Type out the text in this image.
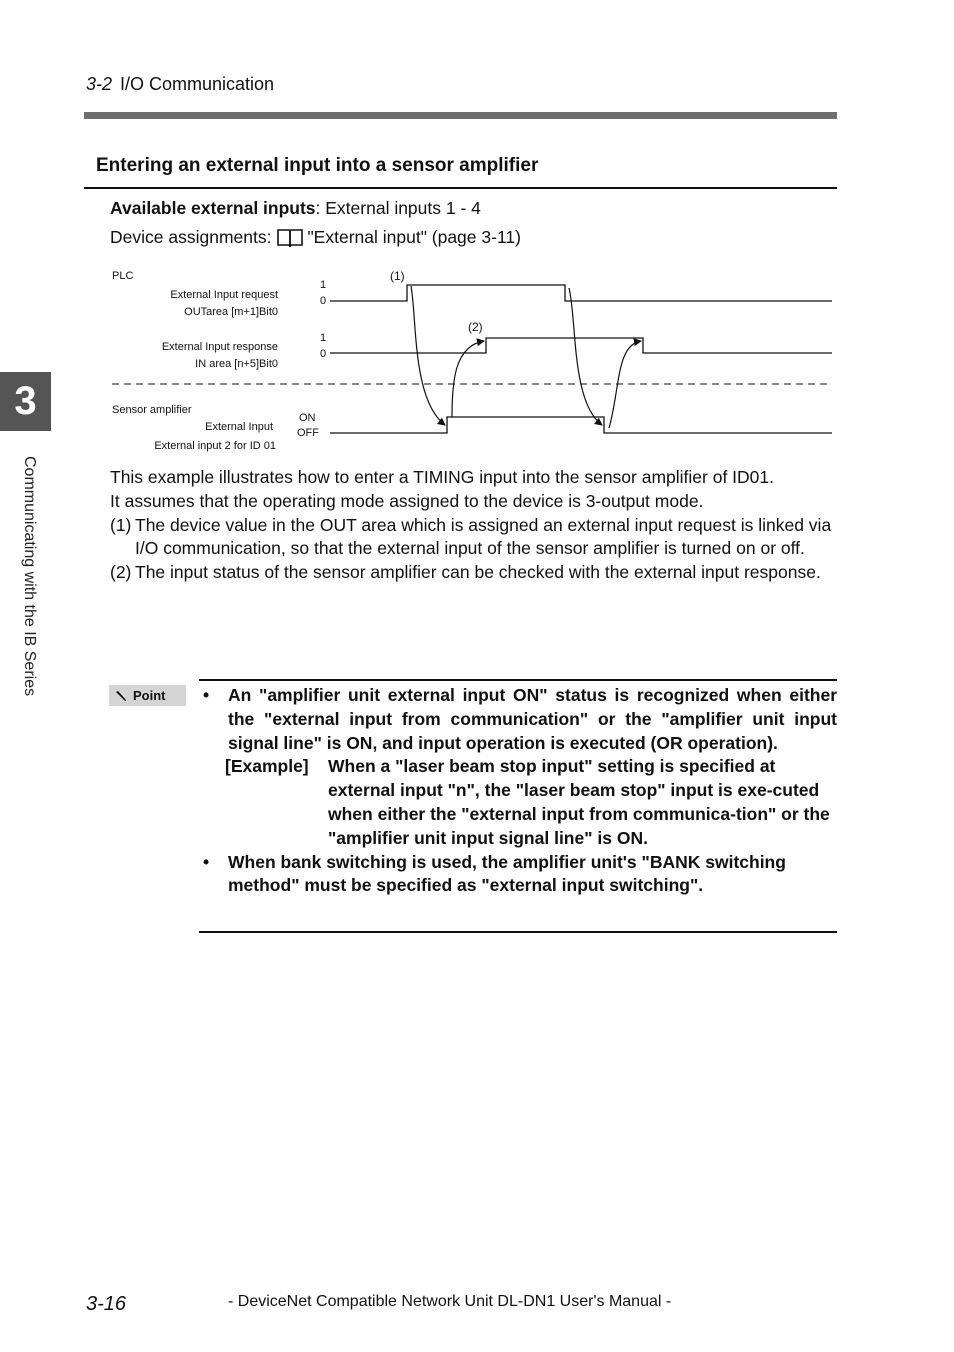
3-2 I/O Communication
Entering an external input into a sensor amplifier
Available external inputs: External inputs 1 - 4
Device assignments: "External input" (page 3-11)
PLC
External Input request
OUTarea [m+1]Bit0
1
0
External Input response
IN area [n+5]Bit0
1
0
Sensor amplifier
External Input
External input 2 for ID 01
ON
OFF
(1)
(2)

This example illustrates how to enter a TIMING input into the sensor amplifier of ID01.

It assumes that the operating mode assigned to the device is 3-output mode.

(1) The device value in the OUT area which is assigned an external input request is linked via I/O communication, so that the external input of the sensor amplifier is turned on or off.
(2) The input status of the sensor amplifier can be checked with the external input response.
3
Communicating with the IB Series	Point •	An "amplifier unit external input ON" status is recognized when either the "external input from communication" or the "amplifier unit input signal line" is ON, and input operation is executed (OR operation).
[Example]	When a "laser beam stop input" setting is specified at external input "n", the "laser beam stop" input is exe-cuted when either the "external input from communica-tion" or the "amplifier unit input signal line" is ON.
•	When bank switching is used, the amplifier unit's "BANK switching method" must be specified as "external input switching".
3-16	- DeviceNet Compatible Network Unit DL-DN1 User's Manual -
